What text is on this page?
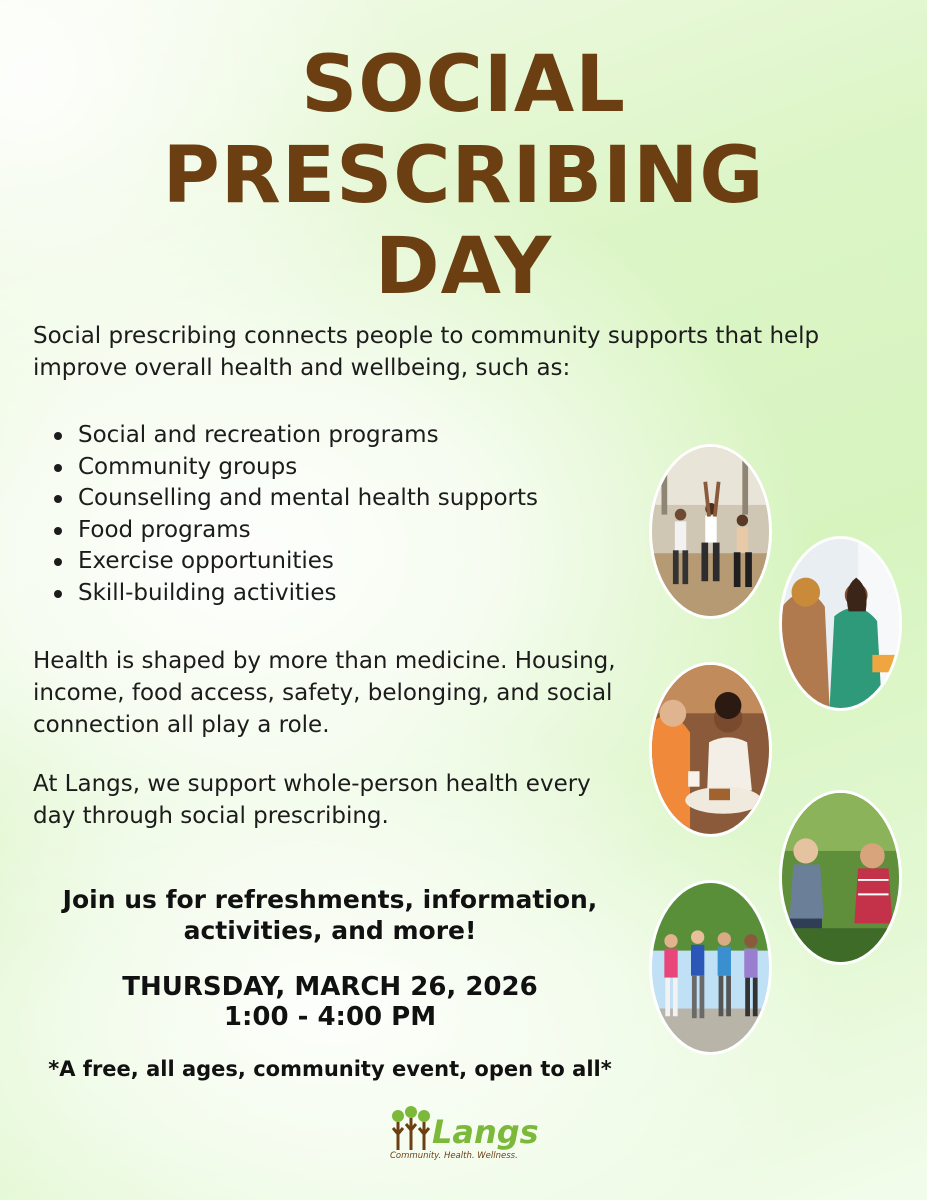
SOCIAL
PRESCRIBING
DAY

Social prescribing connects people to community supports that help improve overall health and wellbeing, such as:

Social and recreation programs
Community groups
Counselling and mental health supports
Food programs
Exercise opportunities
Skill-building activities

Health is shaped by more than medicine. Housing, income, food access, safety, belonging, and social connection all play a role.

At Langs, we support whole-person health every day through social prescribing.

Join us for refreshments, information,
activities, and more!
THURSDAY, MARCH 26, 2026
1:00 - 4:00 PM
*A free, all ages, community event, open to all*
Langs
Community. Health. Wellness.
